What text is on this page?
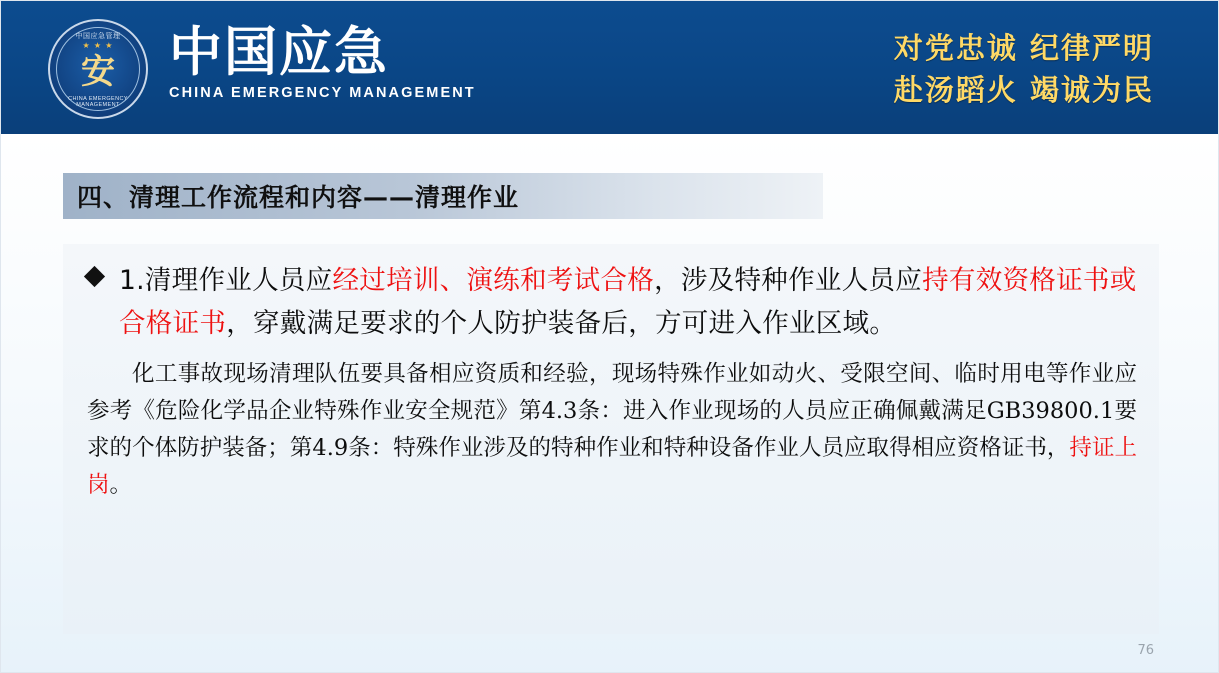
中国应急管理
★ ★ ★
安
CHINA EMERGENCY MANAGEMENT
中国应急
CHINA EMERGENCY MANAGEMENT
对党忠诚 纪律严明
赴汤蹈火 竭诚为民
四、清理工作流程和内容——清理作业
1.清理作业人员应经过培训、演练和考试合格，涉及特种作业人员应持有效资格证书或合格证书，穿戴满足要求的个人防护装备后，方可进入作业区域。
化工事故现场清理队伍要具备相应资质和经验，现场特殊作业如动火、受限空间、临时用电等作业应参考《危险化学品企业特殊作业安全规范》第4.3条：进入作业现场的人员应正确佩戴满足GB39800.1要求的个体防护装备；第4.9条：特殊作业涉及的特种作业和特种设备作业人员应取得相应资格证书，持证上岗。
76
